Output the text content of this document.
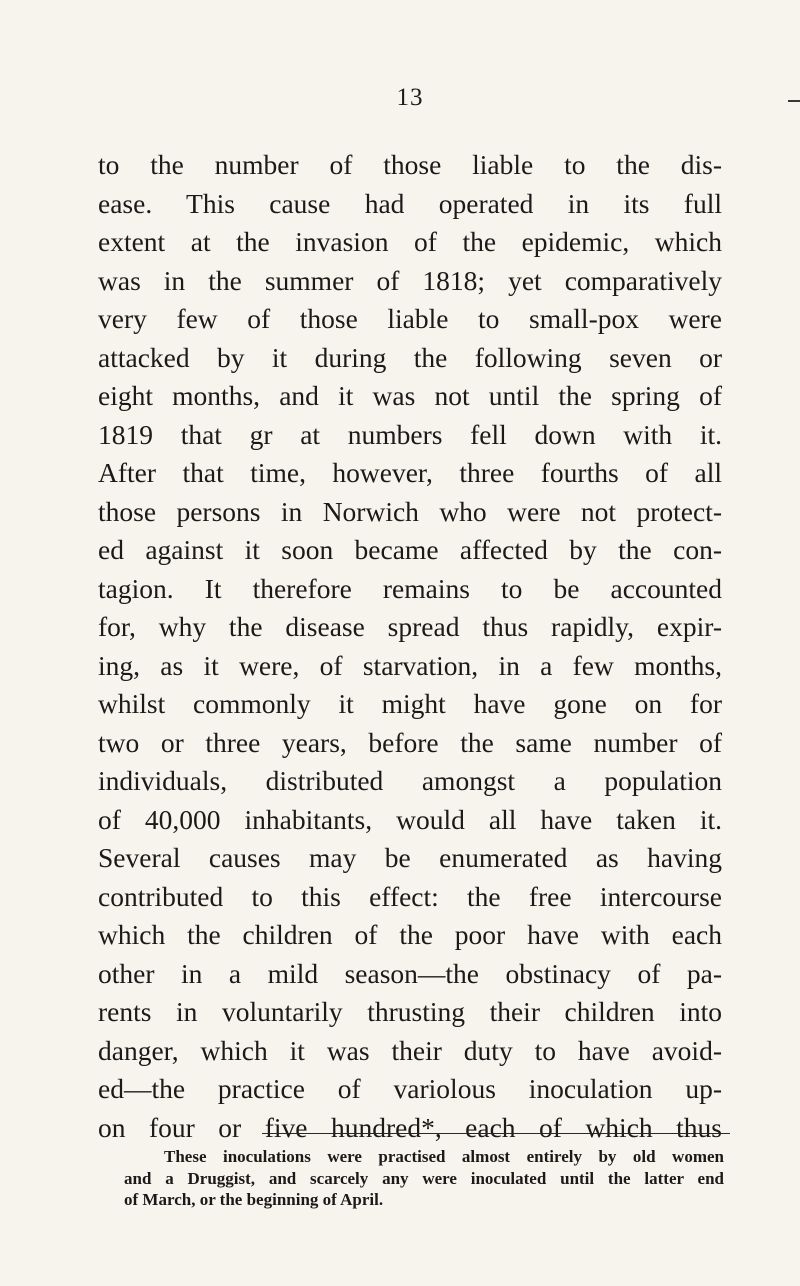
13
to the number of those liable to the dis-
ease. This cause had operated in its full
extent at the invasion of the epidemic, which
was in the summer of 1818; yet comparatively
very few of those liable to small-pox were
attacked by it during the following seven or
eight months, and it was not until the spring of
1819 that gr at numbers fell down with it.
After that time, however, three fourths of all
those persons in Norwich who were not protect-
ed against it soon became affected by the con-
tagion. It therefore remains to be accounted
for, why the disease spread thus rapidly, expir-
ing, as it were, of starvation, in a few months,
whilst commonly it might have gone on for
two or three years, before the same number of
individuals, distributed amongst a population
of 40,000 inhabitants, would all have taken it.
Several causes may be enumerated as having
contributed to this effect: the free intercourse
which the children of the poor have with each
other in a mild season—the obstinacy of pa-
rents in voluntarily thrusting their children into
danger, which it was their duty to have avoid-
ed—the practice of variolous inoculation up-
on four or five hundred*, each of which thus
These inoculations were practised almost entirely by old women
and a Druggist, and scarcely any were inoculated until the latter end
of March, or the beginning of April.
